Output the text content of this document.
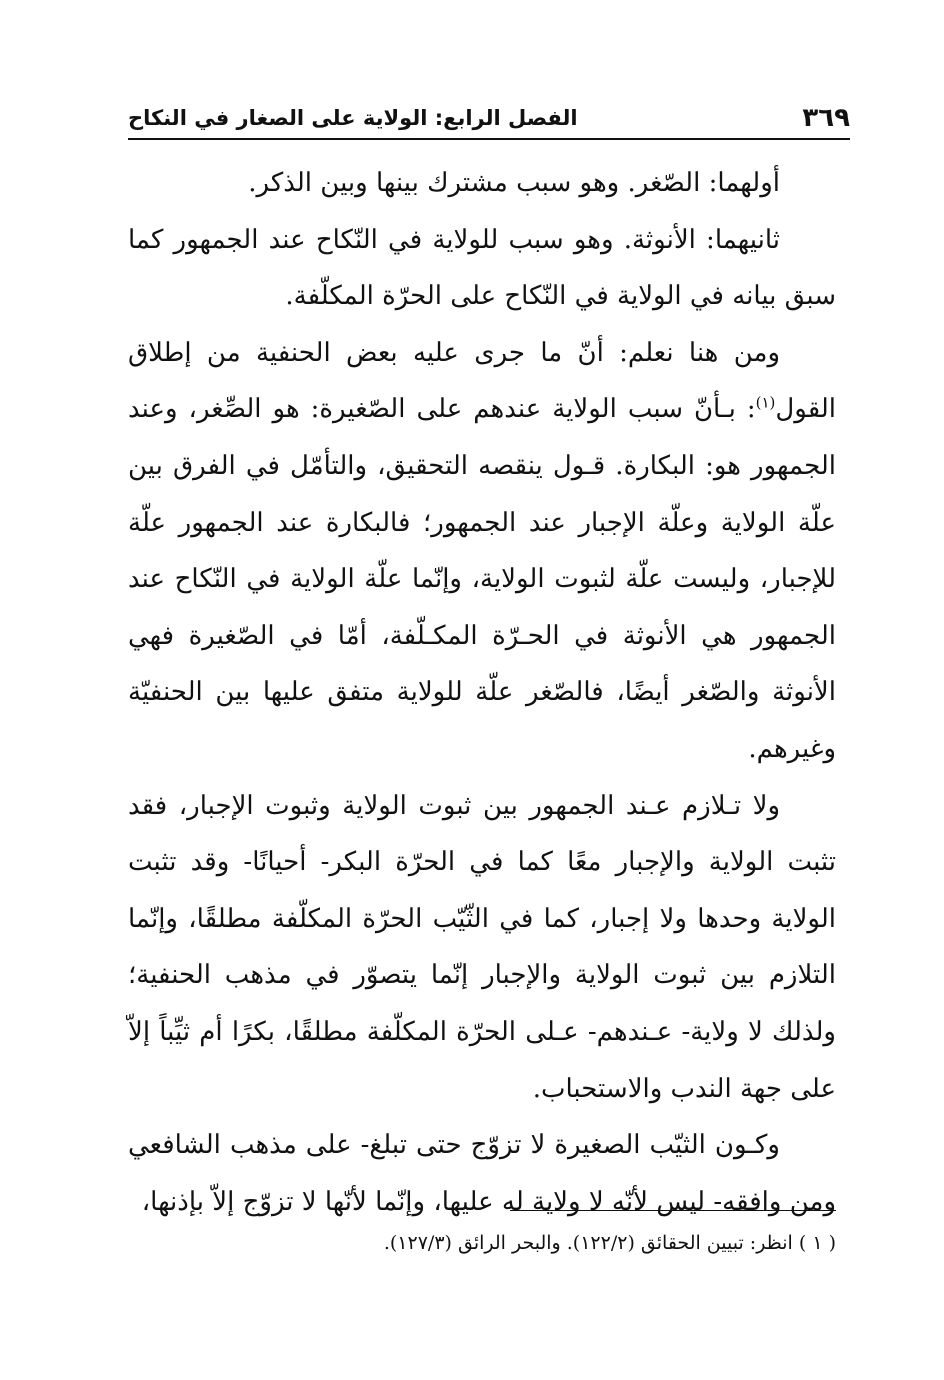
٣٦٩
الفصل الرابع: الولاية على الصغار في النكاح

أولهما: الصّغر. وهو سبب مشترك بينها وبين الذكر.

ثانيهما: الأنوثة. وهو سبب للولاية في النّكاح عند الجمهور كما سبق بيانه في الولاية في النّكاح على الحرّة المكلّفة.

ومن هنا نعلم: أنّ ما جرى عليه بعض الحنفية من إطلاق القول$^{(١)}$: بـأنّ سبب الولاية عندهم على الصّغيرة: هو الصِّغر، وعند الجمهور هو: البكارة. قـول ينقصه التحقيق، والتأمّل في الفرق بين علّة الولاية وعلّة الإجبار عند الجمهور؛ فالبكارة عند الجمهور علّة للإجبار، وليست علّة لثبوت الولاية، وإنّما علّة الولاية في النّكاح عند الجمهور هي الأنوثة في الحـرّة المكـلّفة، أمّا في الصّغيرة فهي الأنوثة والصّغر أيضًا، فالصّغر علّة للولاية متفق عليها بين الحنفيّة وغيرهم.

ولا تـلازم عـند الجمهور بين ثبوت الولاية وثبوت الإجبار، فقد تثبت الولاية والإجبار معًا كما في الحرّة البكر- أحيانًا- وقد تثبت الولاية وحدها ولا إجبار، كما في الثّيّب الحرّة المكلّفة مطلقًا، وإنّما التلازم بين ثبوت الولاية والإجبار إنّما يتصوّر في مذهب الحنفية؛ ولذلك لا ولاية- عـندهم- عـلى الحرّة المكلّفة مطلقًا، بكرًا أم ثيِّباً إلاّ على جهة الندب والاستحباب.

وكـون الثيّب الصغيرة لا تزوّج حتى تبلغ- على مذهب الشافعي ومن وافقه- ليس لأنّه لا ولاية له عليها، وإنّما لأنّها لا تزوّج إلاّ بإذنها،

( ١ ) انظر: تبيين الحقائق (١٢٢/٢). والبحر الرائق (١٢٧/٣).
